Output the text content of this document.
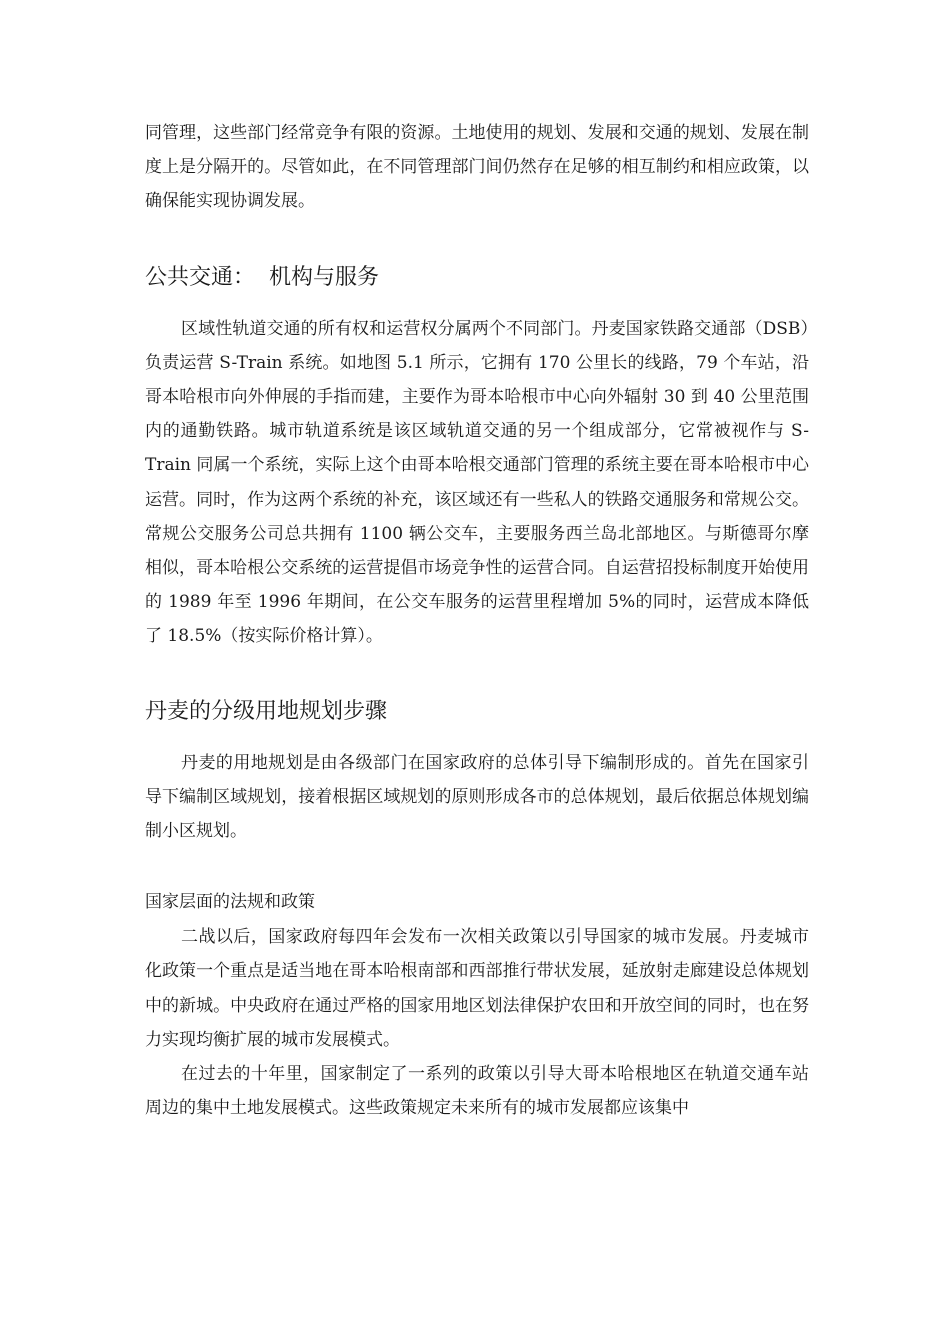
同管理，这些部门经常竞争有限的资源。土地使用的规划、发展和交通的规划、发展在制度上是分隔开的。尽管如此，在不同管理部门间仍然存在足够的相互制约和相应政策，以确保能实现协调发展。

公共交通：  机构与服务

区域性轨道交通的所有权和运营权分属两个不同部门。丹麦国家铁路交通部（DSB）负责运营 S-Train 系统。如地图 5.1 所示，它拥有 170 公里长的线路，79 个车站，沿哥本哈根市向外伸展的手指而建，主要作为哥本哈根市中心向外辐射 30 到 40 公里范围内的通勤铁路。城市轨道系统是该区域轨道交通的另一个组成部分，它常被视作与 S-Train 同属一个系统，实际上这个由哥本哈根交通部门管理的系统主要在哥本哈根市中心运营。同时，作为这两个系统的补充，该区域还有一些私人的铁路交通服务和常规公交。常规公交服务公司总共拥有 1100 辆公交车，主要服务西兰岛北部地区。与斯德哥尔摩相似，哥本哈根公交系统的运营提倡市场竞争性的运营合同。自运营招投标制度开始使用的 1989 年至 1996 年期间，在公交车服务的运营里程增加 5%的同时，运营成本降低了 18.5%（按实际价格计算）。

丹麦的分级用地规划步骤

丹麦的用地规划是由各级部门在国家政府的总体引导下编制形成的。首先在国家引导下编制区域规划，接着根据区域规划的原则形成各市的总体规划，最后依据总体规划编制小区规划。

国家层面的法规和政策

二战以后，国家政府每四年会发布一次相关政策以引导国家的城市发展。丹麦城市化政策一个重点是适当地在哥本哈根南部和西部推行带状发展，延放射走廊建设总体规划中的新城。中央政府在通过严格的国家用地区划法律保护农田和开放空间的同时，也在努力实现均衡扩展的城市发展模式。

在过去的十年里，国家制定了一系列的政策以引导大哥本哈根地区在轨道交通车站周边的集中土地发展模式。这些政策规定未来所有的城市发展都应该集中
